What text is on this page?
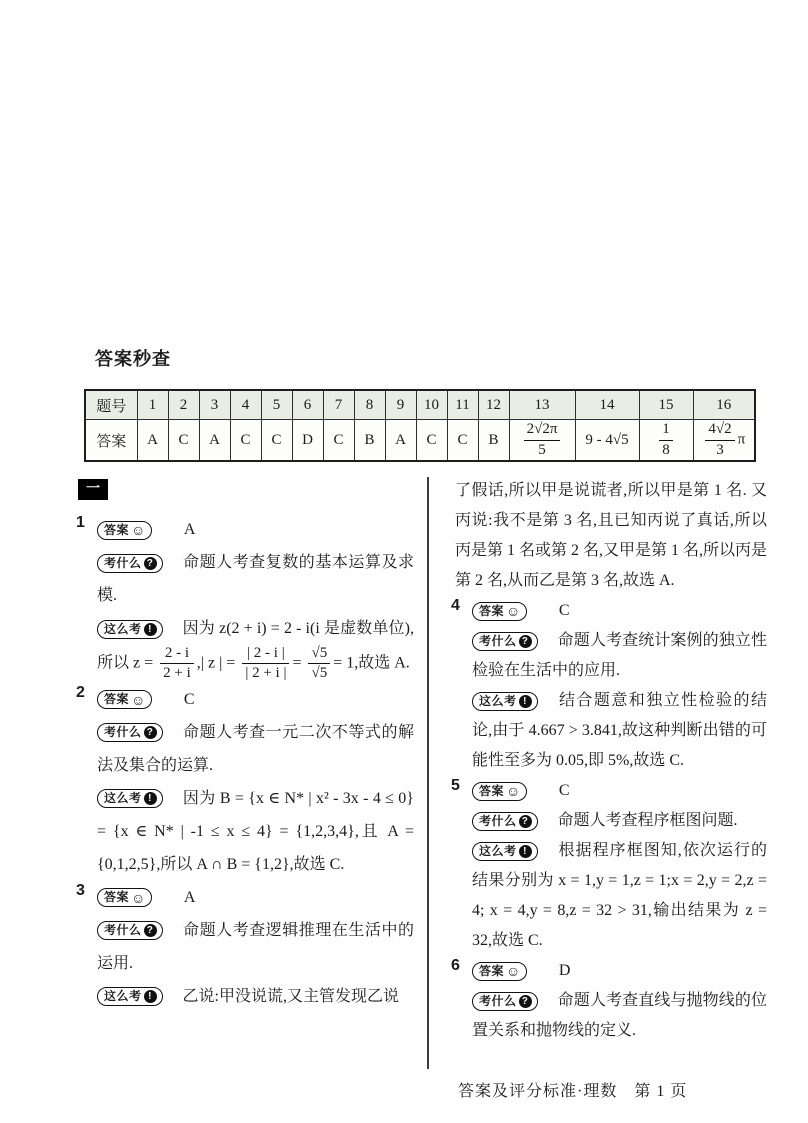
答案秒查
题号	1	2	3	4	5	6	7	8	9	10	11	12	13	14	15	16
答案	A	C	A	C	C	D	C	B	A	C	C	B	$\frac{2√2\pi}{5}$	9 - 4√5	$\frac{1}{8}$	$\frac{4√2}{3}$ π
一
1 答案 ☺ A

考什么 ? 命题人考查复数的基本运算及求模.

这么考 ! 因为 z(2 + i) = 2 - i(i 是虚数单位),所以 $z = \frac{2 - i}{2 + i}$ ,| z | = $\frac{| 2 - i |}{| 2 + i |} = \frac{√5}{√5} = 1$,故选 A.

2 答案 ☺ C

考什么 ? 命题人考查一元二次不等式的解法及集合的运算.

这么考 ! 因为 B = {x ∈ N* | x² - 3x - 4 ≤ 0} = {x ∈ N* | -1 ≤ x ≤ 4} = {1,2,3,4},且 A = {0,1,2,5},所以 A ∩ B = {1,2},故选 C.

3 答案 ☺ A

考什么 ? 命题人考查逻辑推理在生活中的运用.

这么考 ! 乙说:甲没说谎,又主管发现乙说

了假话,所以甲是说谎者,所以甲是第 1 名. 又丙说:我不是第 3 名,且已知丙说了真话,所以丙是第 1 名或第 2 名,又甲是第 1 名,所以丙是第 2 名,从而乙是第 3 名,故选 A.

4 答案 ☺ C

考什么 ? 命题人考查统计案例的独立性检验在生活中的应用.

这么考 ! 结合题意和独立性检验的结论,由于 4.667 > 3.841,故这种判断出错的可能性至多为 0.05,即 5%,故选 C.

5 答案 ☺ C

考什么 ? 命题人考查程序框图问题.

这么考 ! 根据程序框图知,依次运行的结果分别为 x = 1,y = 1,z = 1;x = 2,y = 2,z = 4; x = 4,y = 8,z = 32 > 31,输出结果为 z = 32,故选 C.

6 答案 ☺ D

考什么 ? 命题人考查直线与抛物线的位置关系和抛物线的定义.

答案及评分标准·理数　第 1 页
